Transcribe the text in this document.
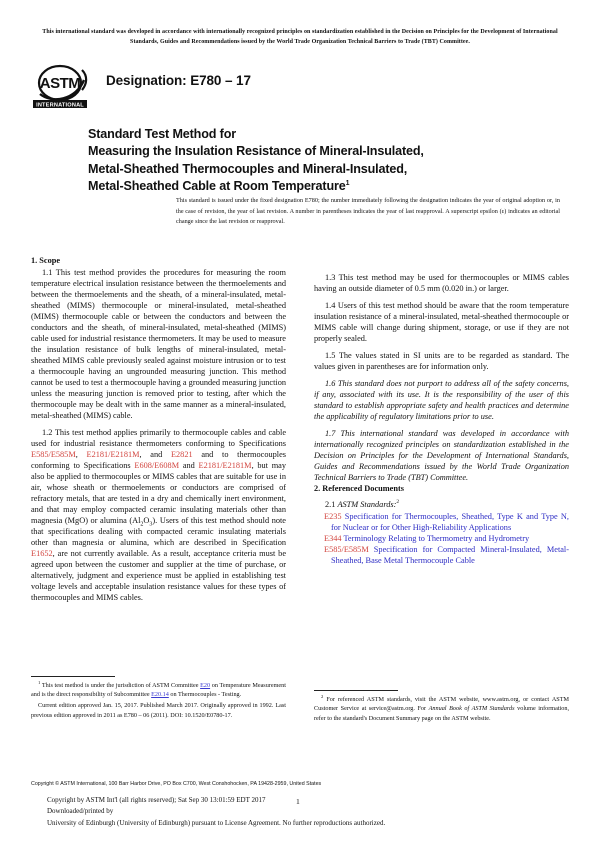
This international standard was developed in accordance with internationally recognized principles on standardization established in the Decision on Principles for the Development of International Standards, Guides and Recommendations issued by the World Trade Organization Technical Barriers to Trade (TBT) Committee.
ASTM
INTERNATIONAL
Designation: E780 – 17
Standard Test Method for
Measuring the Insulation Resistance of Mineral-Insulated,
Metal-Sheathed Thermocouples and Mineral-Insulated,
Metal-Sheathed Cable at Room Temperature$^1$
This standard is issued under the fixed designation E780; the number immediately following the designation indicates the year of original adoption or, in the case of revision, the year of last revision. A number in parentheses indicates the year of last reapproval. A superscript epsilon (ε) indicates an editorial change since the last revision or reapproval.
1. Scope

1.1 This test method provides the procedures for measuring the room temperature electrical insulation resistance between the thermoelements and between the thermoelements and the sheath, of a mineral-insulated, metal-sheathed (MIMS) thermocouple or mineral-insulated, metal-sheathed (MIMS) thermocouple cable or between the conductors and between the conductors and the sheath, of mineral-insulated, metal-sheathed (MIMS) cable used for industrial resistance thermometers. It may be used to measure the insulation resistance of bulk lengths of mineral-insulated, metal-sheathed MIMS cable previously sealed against moisture intrusion or to test a thermocouple having an ungrounded measuring junction. This method cannot be used to test a thermocouple having a grounded measuring junction unless the measuring junction is removed prior to testing, after which the thermocouple may be dealt with in the same manner as a mineral-insulated, metal-sheathed (MIMS) cable.

1.2 This test method applies primarily to thermocouple cables and cable used for industrial resistance thermometers conforming to Specifications E585/E585M, E2181/E2181M, and E2821 and to thermocouples conforming to Specifications E608/E608M and E2181/E2181M, but may also be applied to thermocouples or MIMS cables that are suitable for use in air, whose sheath or thermoelements or conductors are comprised of refractory metals, that are tested in a dry and chemically inert environment, and that may employ compacted ceramic insulating materials other than magnesia (MgO) or alumina $(Al_2O_3)$. Users of this test method should note that specifications dealing with compacted ceramic insulating materials other than magnesia or alumina, which are described in Specification E1652, are not currently available. As a result, acceptance criteria must be agreed upon between the customer and supplier at the time of purchase, or alternatively, judgment and experience must be applied in establishing test voltage levels and acceptable insulation resistance values for these types of thermocouples and MIMS cables.

1.3 This test method may be used for thermocouples or MIMS cables having an outside diameter of 0.5 mm (0.020 in.) or larger.

1.4 Users of this test method should be aware that the room temperature insulation resistance of a mineral-insulated, metal-sheathed thermocouple or MIMS cable will change during shipment, storage, or use if they are not properly sealed.

1.5 The values stated in SI units are to be regarded as standard. The values given in parentheses are for information only.

1.6 This standard does not purport to address all of the safety concerns, if any, associated with its use. It is the responsibility of the user of this standard to establish appropriate safety and health practices and determine the applicability of regulatory limitations prior to use.

1.7 This international standard was developed in accordance with internationally recognized principles on standardization established in the Decision on Principles for the Development of International Standards, Guides and Recommendations issued by the World Trade Organization Technical Barriers to Trade (TBT) Committee.

2. Referenced Documents
2.1 ASTM Standards:$^2$
E235 Specification for Thermocouples, Sheathed, Type K and Type N, for Nuclear or for Other High-Reliability Applications
E344 Terminology Relating to Thermometry and Hydrometry
E585/E585M Specification for Compacted Mineral-Insulated, Metal-Sheathed, Base Metal Thermocouple Cable

$^1$ This test method is under the jurisdiction of ASTM Committee E20 on Temperature Measurement and is the direct responsibility of Subcommittee E20.14 on Thermocouples - Testing.

Current edition approved Jan. 15, 2017. Published March 2017. Originally approved in 1992. Last previous edition approved in 2011 as E780 – 06 (2011). DOI: 10.1520/E0780-17.

$^2$ For referenced ASTM standards, visit the ASTM website, www.astm.org, or contact ASTM Customer Service at service@astm.org. For Annual Book of ASTM Standards volume information, refer to the standard's Document Summary page on the ASTM website.

Copyright © ASTM International, 100 Barr Harbor Drive, PO Box C700, West Conshohocken, PA 19428-2959, United States
Copyright by ASTM Int'l (all rights reserved); Sat Sep 30 13:01:59 EDT 2017
Downloaded/printed by
University of Edinburgh (University of Edinburgh) pursuant to License Agreement. No further reproductions authorized.
1
